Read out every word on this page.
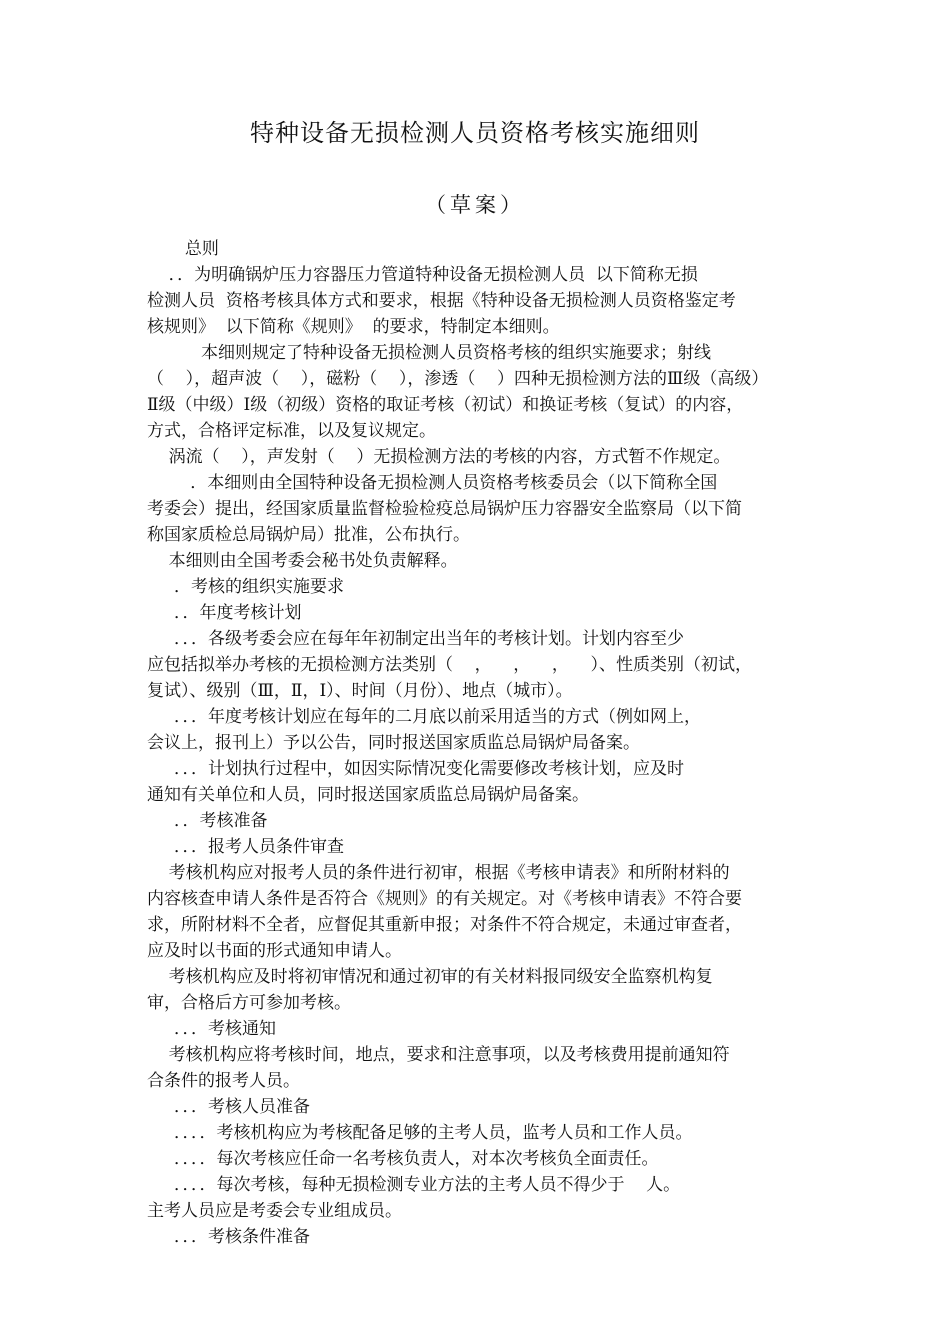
特种设备无损检测人员资格考核实施细则
（草案）
总则
．．为明确锅炉压力容器压力管道特种设备无损检测人员  以下简称无损
检测人员  资格考核具体方式和要求，根据《特种设备无损检测人员资格鉴定考
核规则》  以下简称《规则》  的要求，特制定本细则。
本细则规定了特种设备无损检测人员资格考核的组织实施要求；射线
（    ），超声波（    ），磁粉（    ），渗透（    ）四种无损检测方法的Ⅲ级（高级）
Ⅱ级（中级）Ⅰ级（初级）资格的取证考核（初试）和换证考核（复试）的内容，
方式，合格评定标准，以及复议规定。
涡流（    ），声发射（    ）无损检测方法的考核的内容，方式暂不作规定。
．本细则由全国特种设备无损检测人员资格考核委员会（以下简称全国
考委会）提出，经国家质量监督检验检疫总局锅炉压力容器安全监察局（以下简
称国家质检总局锅炉局）批准，公布执行。
本细则由全国考委会秘书处负责解释。
．考核的组织实施要求
．．年度考核计划
．．．各级考委会应在每年年初制定出当年的考核计划。计划内容至少
应包括拟举办考核的无损检测方法类别（    ，    ，    ，    ）、性质类别（初试，
复试）、级别（Ⅲ，Ⅱ，Ⅰ）、时间（月份）、地点（城市）。
．．．年度考核计划应在每年的二月底以前采用适当的方式（例如网上，
会议上，报刊上）予以公告，同时报送国家质监总局锅炉局备案。
．．．计划执行过程中，如因实际情况变化需要修改考核计划，应及时
通知有关单位和人员，同时报送国家质监总局锅炉局备案。
．．考核准备
．．．报考人员条件审查
考核机构应对报考人员的条件进行初审，根据《考核申请表》和所附材料的
内容核查申请人条件是否符合《规则》的有关规定。对《考核申请表》不符合要
求，所附材料不全者，应督促其重新申报；对条件不符合规定，未通过审查者，
应及时以书面的形式通知申请人。
考核机构应及时将初审情况和通过初审的有关材料报同级安全监察机构复
审，合格后方可参加考核。
．．．考核通知
考核机构应将考核时间，地点，要求和注意事项，以及考核费用提前通知符
合条件的报考人员。
．．．考核人员准备
．．．．考核机构应为考核配备足够的主考人员，监考人员和工作人员。
．．．．每次考核应任命一名考核负责人，对本次考核负全面责任。
．．．．每次考核，每种无损检测专业方法的主考人员不得少于    人。
主考人员应是考委会专业组成员。
．．．考核条件准备
